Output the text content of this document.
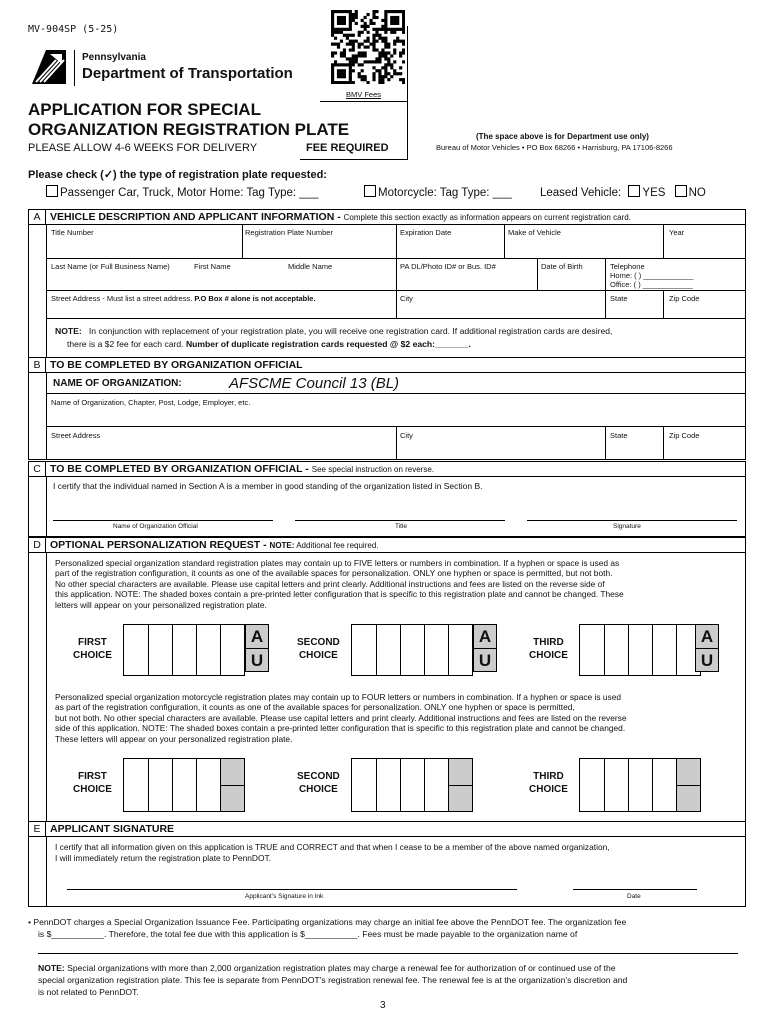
MV-904SP (5-25)
Pennsylvania
Department of Transportation
BMV Fees
APPLICATION FOR SPECIAL
ORGANIZATION REGISTRATION PLATE
PLEASE ALLOW 4-6 WEEKS FOR DELIVERY	FEE REQUIRED
(The space above is for Department use only)
Bureau of Motor Vehicles • PO Box 68266 • Harrisburg, PA 17106-8266
Please check (✓) the type of registration plate requested:
Passenger Car, Truck, Motor Home: Tag Type: ___	Motorcycle: Tag Type: ___ Leased Vehicle: YES NO
A VEHICLE DESCRIPTION AND APPLICANT INFORMATION - Complete this section exactly as information appears on current registration card.
Title Number	Registration Plate Number	Expiration Date	Make of Vehicle	Year
Last Name (or Full Business Name)	First Name	Middle Name	PA DL/Photo ID# or Bus. ID#	Date of Birth	Telephone
Home: ( ) ____________
Office: ( ) ____________
Street Address - Must list a street address. P.O Box # alone is not acceptable.	City	State	Zip Code
NOTE: In conjunction with replacement of your registration plate, you will receive one registration card. If additional registration cards are desired,
there is a $2 fee for each card. Number of duplicate registration cards requested @ $2 each:_______.
B TO BE COMPLETED BY ORGANIZATION OFFICIAL
NAME OF ORGANIZATION:	AFSCME Council 13 (BL)
Name of Organization, Chapter, Post, Lodge, Employer, etc.
Street Address	City	State	Zip Code
C TO BE COMPLETED BY ORGANIZATION OFFICIAL - See special instruction on reverse.
I certify that the individual named in Section A is a member in good standing of the organization listed in Section B.
Name of Organization Official	Title	Signature
D OPTIONAL PERSONALIZATION REQUEST - NOTE: Additional fee required.
Personalized special organization standard registration plates may contain up to FIVE letters or numbers in combination. If a hyphen or space is used as
part of the registration configuration, it counts as one of the available spaces for personalization. ONLY one hyphen or space is permitted, but not both.
No other special characters are available. Please use capital letters and print clearly. Additional instructions and fees are listed on the reverse side of
this application. NOTE: The shaded boxes contain a pre-printed letter configuration that is specific to this registration plate and cannot be changed. These
letters will appear on your personalized registration plate.
FIRST
CHOICE
A
U
SECOND
CHOICE
A
U
THIRD
CHOICE
A
U
Personalized special organization motorcycle registration plates may contain up to FOUR letters or numbers in combination. If a hyphen or space is used
as part of the registration configuration, it counts as one of the available spaces for personalization. ONLY one hyphen or space is permitted,
but not both. No other special characters are available. Please use capital letters and print clearly. Additional instructions and fees are listed on the reverse
side of this application. NOTE: The shaded boxes contain a pre-printed letter configuration that is specific to this registration plate and cannot be changed.
These letters will appear on your personalized registration plate.
FIRST
CHOICE
SECOND
CHOICE
THIRD
CHOICE
E APPLICANT SIGNATURE
I certify that all information given on this application is TRUE and CORRECT and that when I cease to be a member of the above named organization,
I will immediately return the registration plate to PennDOT.
Applicant’s Signature in Ink	Date
• PennDOT charges a Special Organization Issuance Fee. Participating organizations may charge an initial fee above the PennDOT fee. The organization fee
is $___________. Therefore, the total fee due with this application is $___________. Fees must be made payable to the organization name of
NOTE: Special organizations with more than 2,000 organization registration plates may charge a renewal fee for authorization of or continued use of the
special organization registration plate. This fee is separate from PennDOT’s registration renewal fee. The renewal fee is at the organization’s discretion and
is not related to PennDOT.
3
